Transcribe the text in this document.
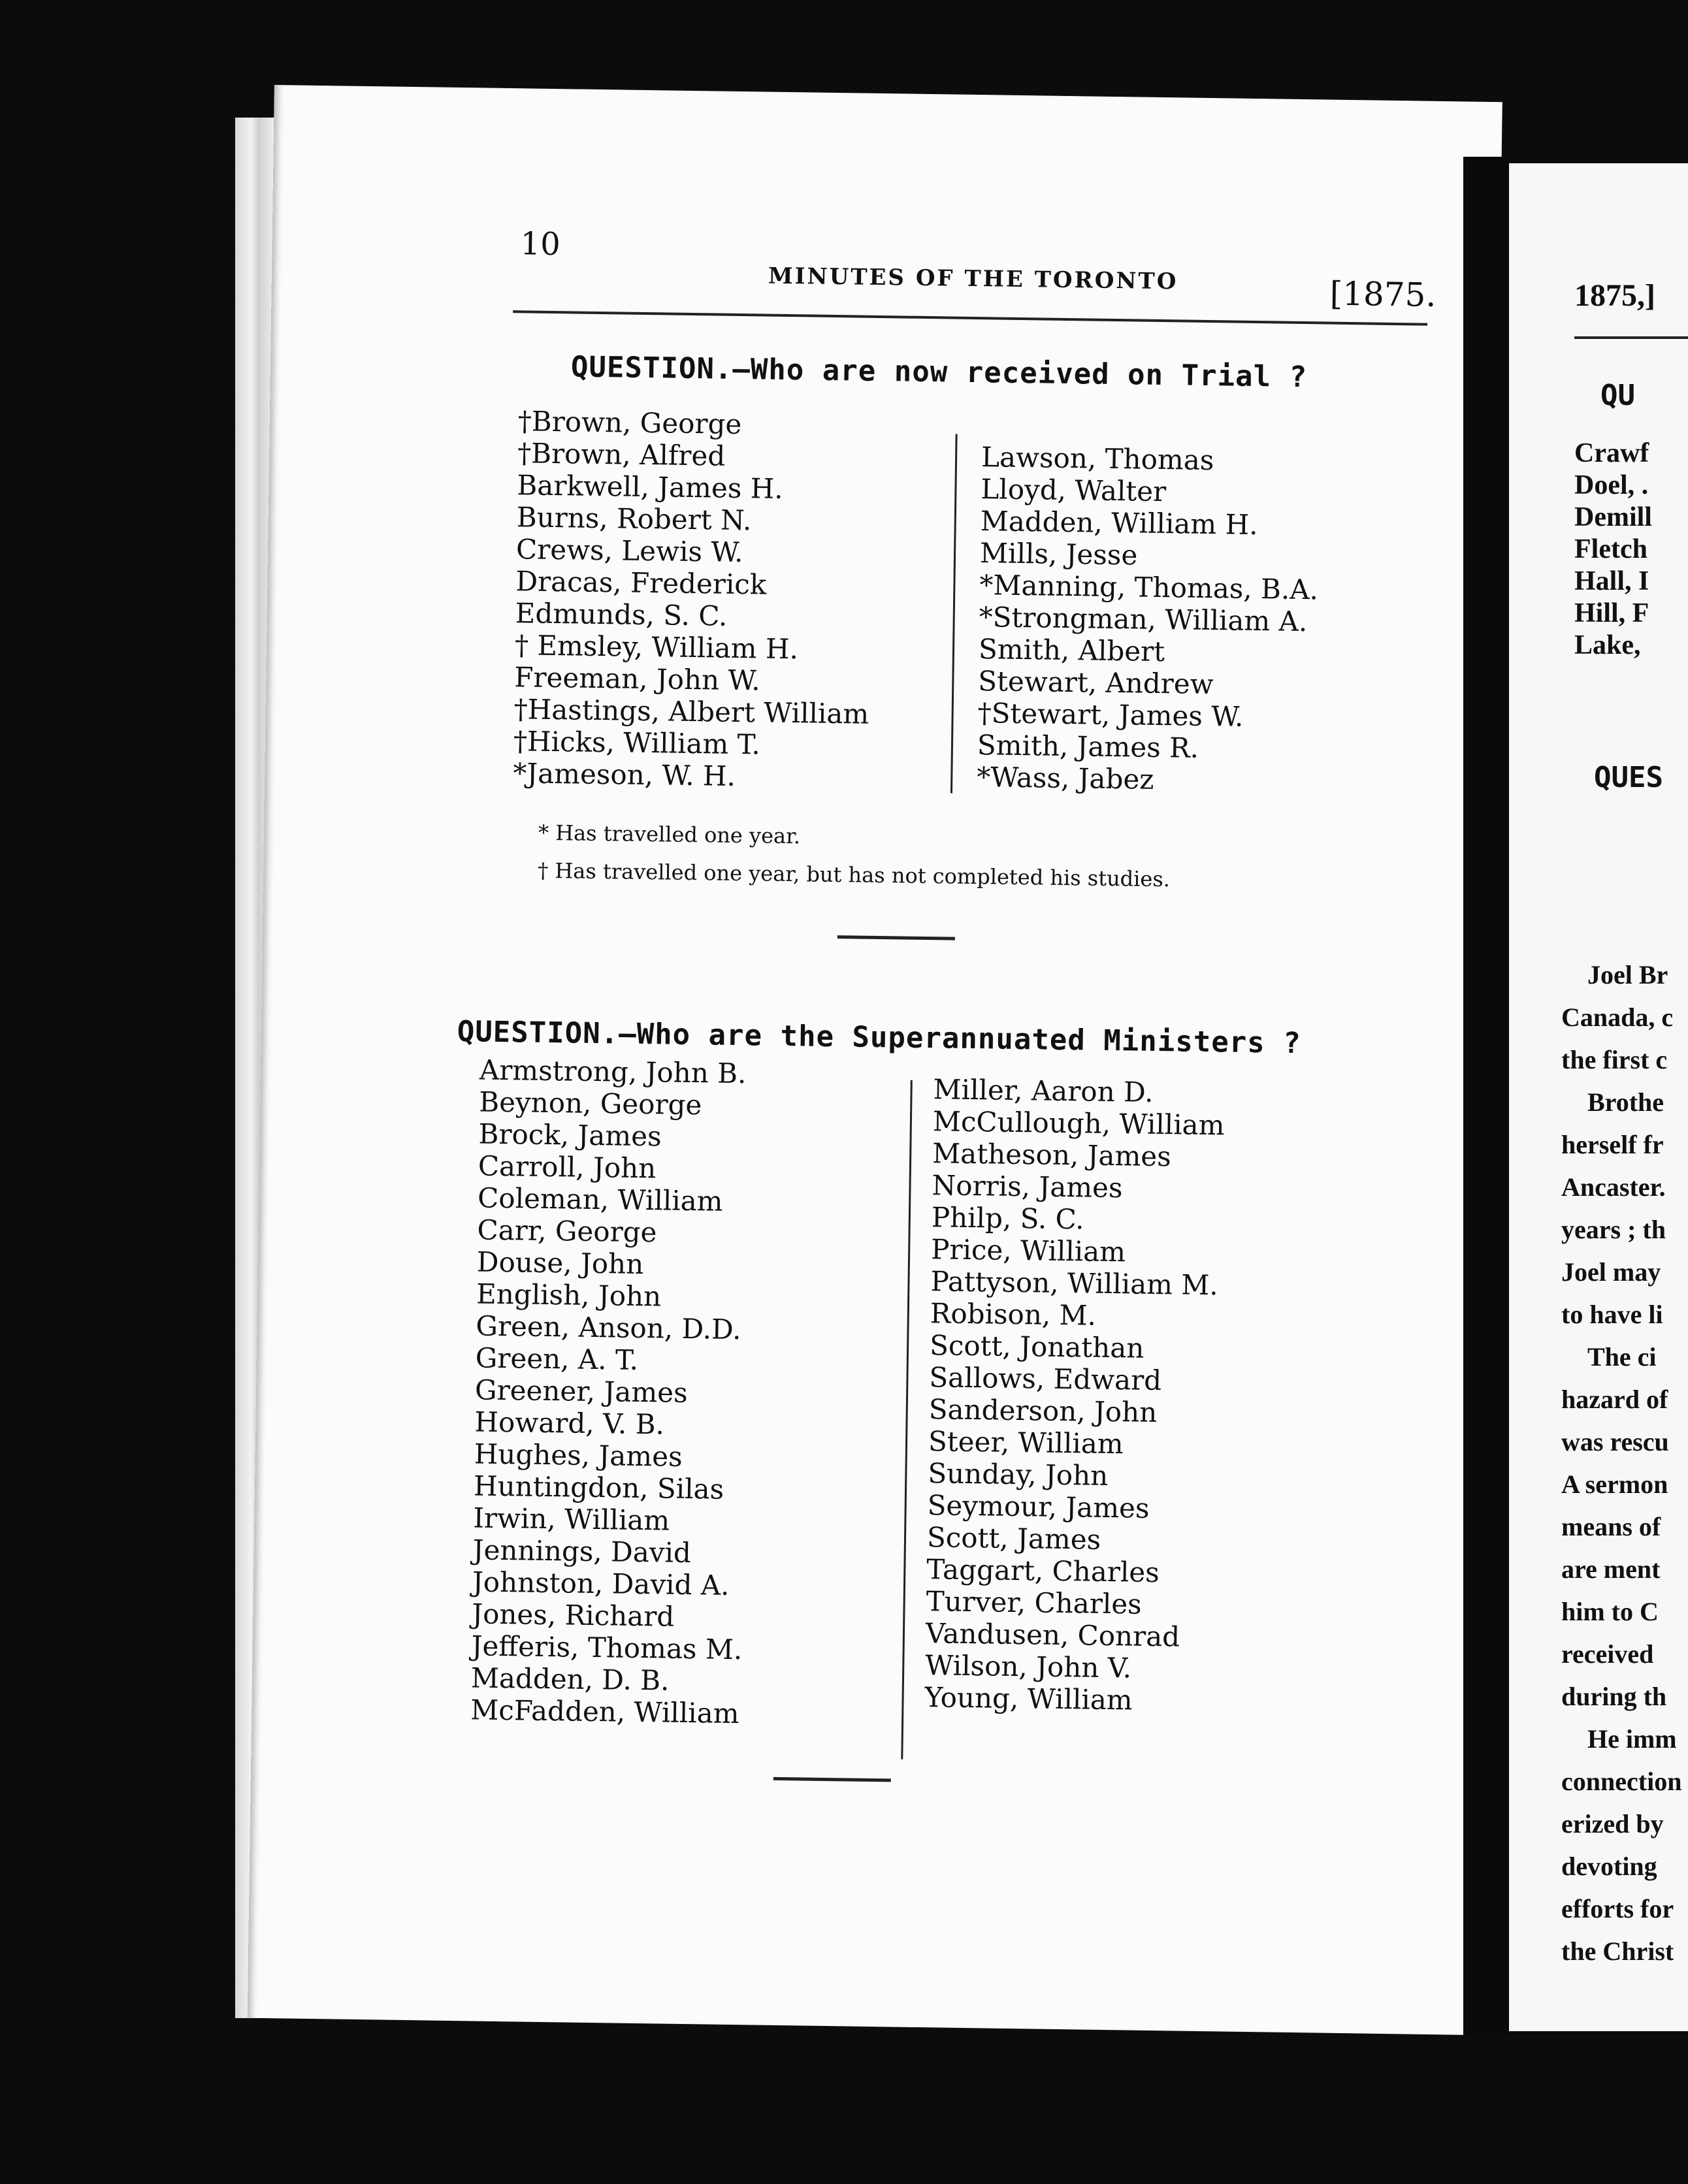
10
MINUTES OF THE TORONTO	[1875.
QUESTION.—Who are now received on Trial ?
†Brown, George
†Brown, Alfred
Barkwell, James H.
Burns, Robert N.
Crews, Lewis W.
Dracas, Frederick
Edmunds, S. C.
† Emsley, William H.
Freeman, John W.
†Hastings, Albert William
†Hicks, William T.
*Jameson, W. H.
Lawson, Thomas
Lloyd, Walter
Madden, William H.
Mills, Jesse
*Manning, Thomas, B.A.
*Strongman, William A.
Smith, Albert
Stewart, Andrew
†Stewart, James W.
Smith, James R.
*Wass, Jabez
* Has travelled one year.
† Has travelled one year, but has not completed his studies.
QUESTION.—Who are the Superannuated Ministers ?
Armstrong, John B.
Beynon, George
Brock, James
Carroll, John
Coleman, William
Carr, George
Douse, John
English, John
Green, Anson, D.D.
Green, A. T.
Greener, James
Howard, V. B.
Hughes, James
Huntingdon, Silas
Irwin, William
Jennings, David
Johnston, David A.
Jones, Richard
Jefferis, Thomas M.
Madden, D. B.
McFadden, William
Miller, Aaron D.
McCullough, William
Matheson, James
Norris, James
Philp, S. C.
Price, William
Pattyson, William M.
Robison, M.
Scott, Jonathan
Sallows, Edward
Sanderson, John
Steer, William
Sunday, John
Seymour, James
Scott, James
Taggart, Charles
Turver, Charles
Vandusen, Conrad
Wilson, John V.
Young, William
1875,]
QU
Crawf
Doel, .
Demill
Fletch
Hall, I
Hill, F
Lake,
QUES
Joel Br
Canada, c
the first c
Brothe
herself fr
Ancaster.
years ; th
Joel may
to have li
The ci
hazard of
was rescu
A sermon
means of
are ment
him to C
received
during th
He imm
connection
erized by
devoting
efforts for
the Christ
